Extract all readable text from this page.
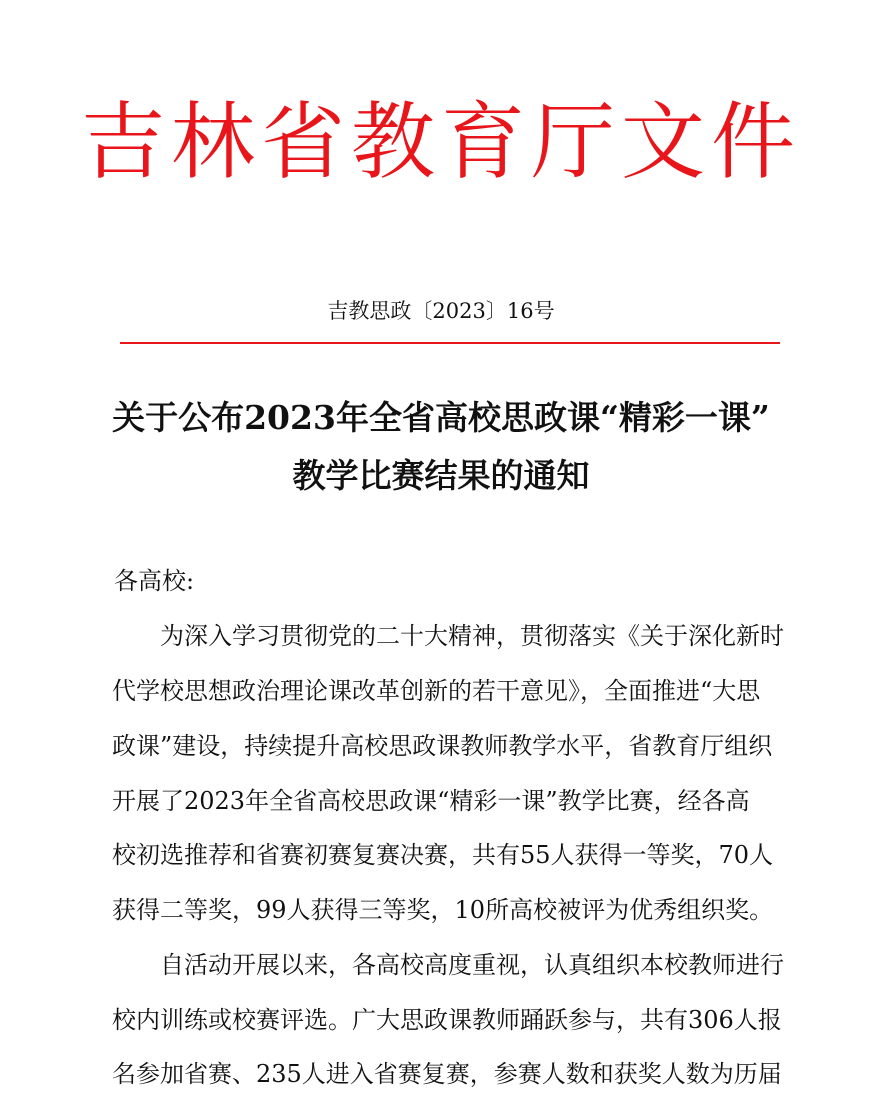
吉林省教育厅文件
吉教思政〔2023〕16号
关于公布2023年全省高校思政课“精彩一课”
教学比赛结果的通知
各高校:
为深入学习贯彻党的二十大精神，贯彻落实《关于深化新时
代学校思想政治理论课改革创新的若干意见》，全面推进“大思
政课”建设，持续提升高校思政课教师教学水平，省教育厅组织
开展了2023年全省高校思政课“精彩一课”教学比赛，经各高
校初选推荐和省赛初赛复赛决赛，共有55人获得一等奖，70人
获得二等奖，99人获得三等奖，10所高校被评为优秀组织奖。
自活动开展以来，各高校高度重视，认真组织本校教师进行
校内训练或校赛评选。广大思政课教师踊跃参与，共有306人报
名参加省赛、235人进入省赛复赛，参赛人数和获奖人数为历届
